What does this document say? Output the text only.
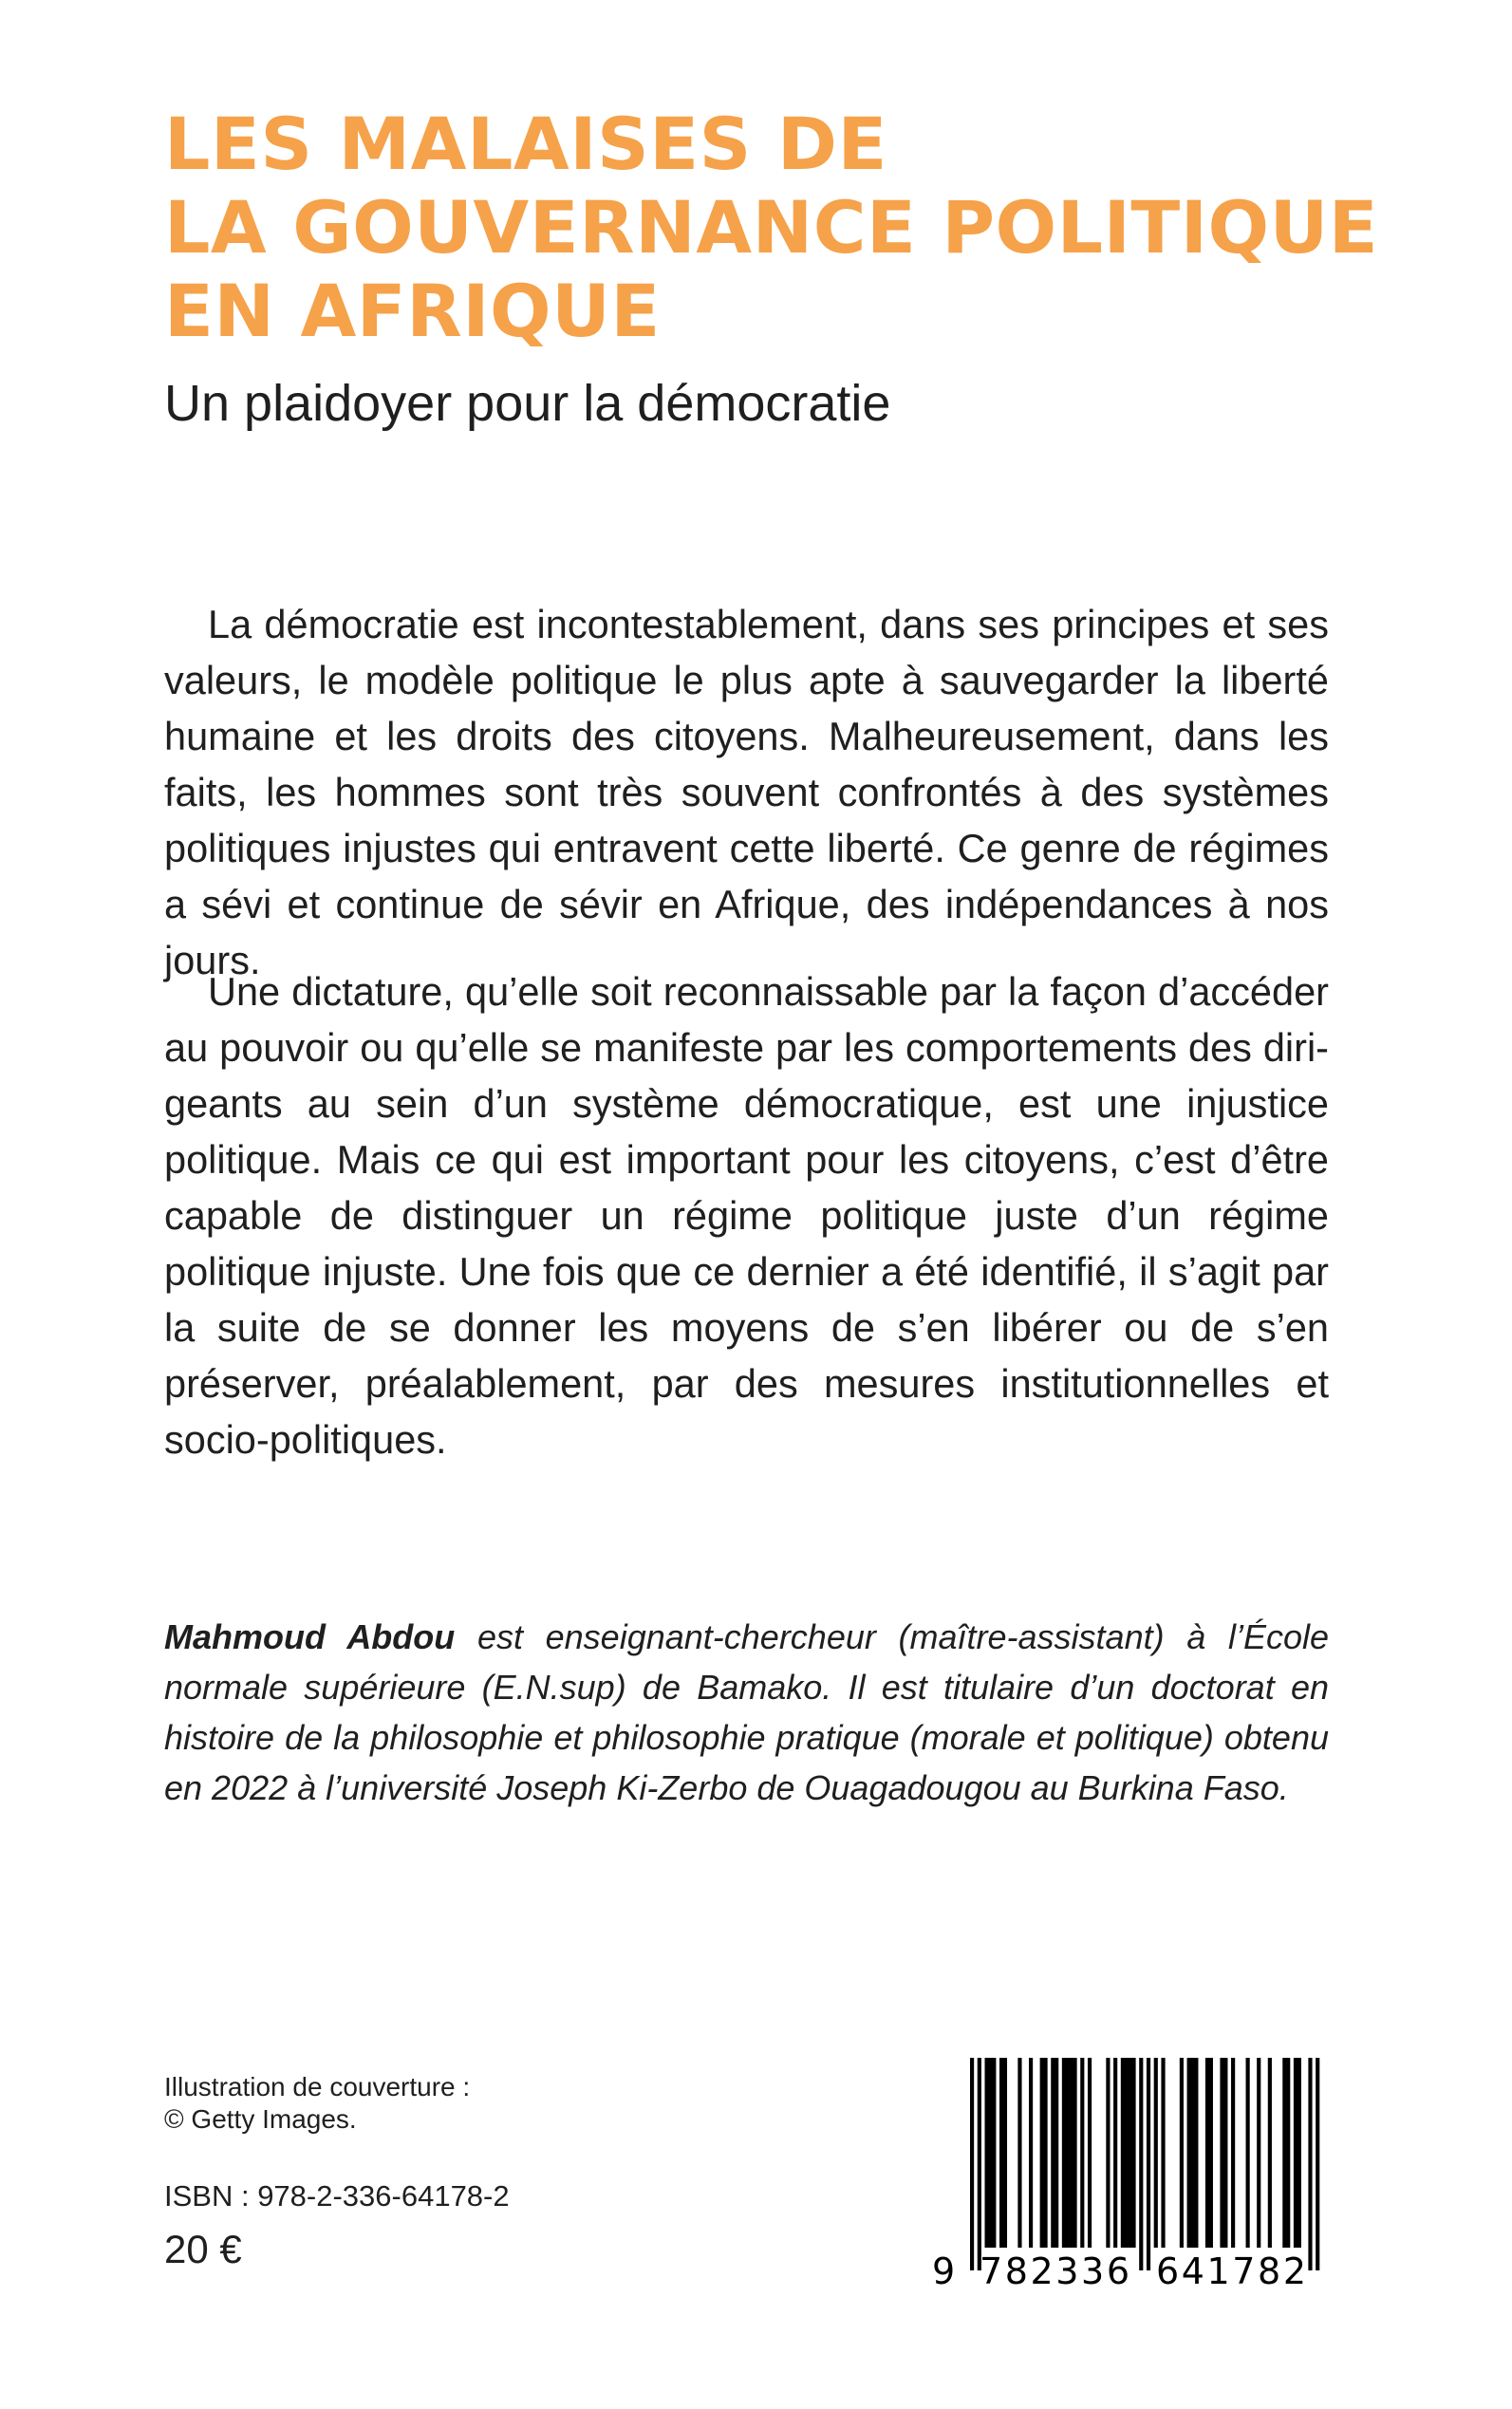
LES MALAISES DE
LA GOUVERNANCE POLITIQUE
EN AFRIQUE
Un plaidoyer pour la démocratie

La démocratie est incontestablement, dans ses principes et ses valeurs, le modèle politique le plus apte à sauvegarder la liberté humaine et les droits des citoyens. Malheureusement, dans les faits, les hommes sont très souvent confrontés à des systèmes politiques injustes qui entravent cette liberté. Ce genre de régimes a sévi et continue de sévir en Afrique, des indépendances à nos jours.

Une dictature, qu’elle soit reconnaissable par la façon d’accéder au pouvoir ou qu’elle se manifeste par les comportements des dirigeants au sein d’un système démocratique, est une injustice politique. Mais ce qui est important pour les citoyens, c’est d’être capable de distinguer un régime politique juste d’un régime politique injuste. Une fois que ce dernier a été identifié, il s’agit par la suite de se donner les moyens de s’en libérer ou de s’en préserver, préalablement, par des mesures institutionnelles et socio-politiques.

Mahmoud Abdou est enseignant-chercheur (maître-assistant) à l’École normale supérieure (E.N.sup) de Bamako. Il est titulaire d’un doctorat en histoire de la philosophie et philosophie pratique (morale et politique) obtenu en 2022 à l’université Joseph Ki-Zerbo de Ouagadougou au Burkina Faso.

Illustration de couverture :
© Getty Images.
ISBN : 978-2-336-64178-2
20 €	9 782336 641782
